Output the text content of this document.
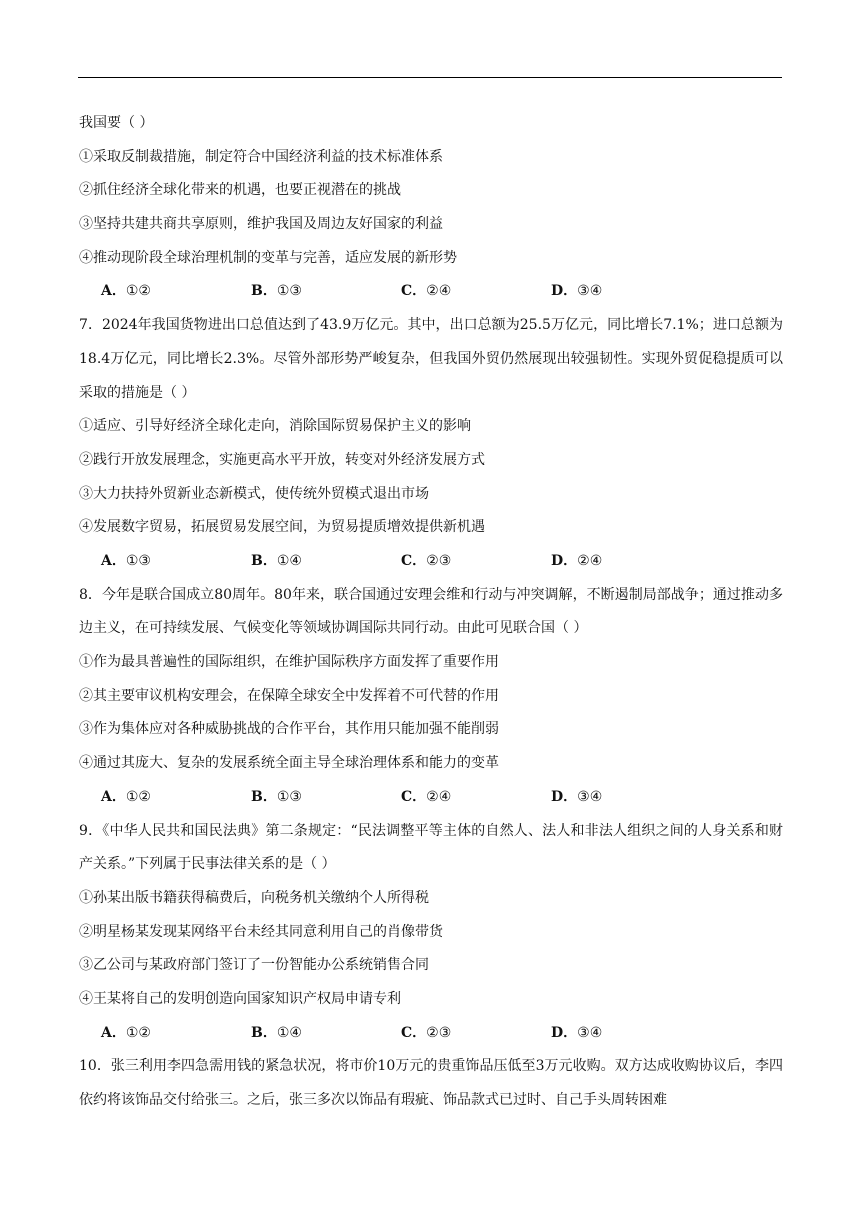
我国要（ ）
①采取反制裁措施，制定符合中国经济利益的技术标准体系
②抓住经济全球化带来的机遇，也要正视潜在的挑战
③坚持共建共商共享原则，维护我国及周边友好国家的利益
④推动现阶段全球治理机制的变革与完善，适应发展的新形势
A．①②	B．①③	C．②④	D．③④
7．2024年我国货物进出口总值达到了43.9万亿元。其中，出口总额为25.5万亿元，同比增长7.1%；进口总额为18.4万亿元，同比增长2.3%。尽管外部形势严峻复杂，但我国外贸仍然展现出较强韧性。实现外贸促稳提质可以采取的措施是（ ）
①适应、引导好经济全球化走向，消除国际贸易保护主义的影响
②践行开放发展理念，实施更高水平开放，转变对外经济发展方式
③大力扶持外贸新业态新模式，使传统外贸模式退出市场
④发展数字贸易，拓展贸易发展空间，为贸易提质增效提供新机遇
A．①③	B．①④	C．②③	D．②④
8．今年是联合国成立80周年。80年来，联合国通过安理会维和行动与冲突调解，不断遏制局部战争；通过推动多边主义，在可持续发展、气候变化等领域协调国际共同行动。由此可见联合国（ ）
①作为最具普遍性的国际组织，在维护国际秩序方面发挥了重要作用
②其主要审议机构安理会，在保障全球安全中发挥着不可代替的作用
③作为集体应对各种威胁挑战的合作平台，其作用只能加强不能削弱
④通过其庞大、复杂的发展系统全面主导全球治理体系和能力的变革
A．①②	B．①③	C．②④	D．③④
9．《中华人民共和国民法典》第二条规定：“民法调整平等主体的自然人、法人和非法人组织之间的人身关系和财产关系。”下列属于民事法律关系的是（ ）
①孙某出版书籍获得稿费后，向税务机关缴纳个人所得税
②明星杨某发现某网络平台未经其同意利用自己的肖像带货
③乙公司与某政府部门签订了一份智能办公系统销售合同
④王某将自己的发明创造向国家知识产权局申请专利
A．①②	B．①④	C．②③	D．③④
10．张三利用李四急需用钱的紧急状况，将市价10万元的贵重饰品压低至3万元收购。双方达成收购协议后，李四依约将该饰品交付给张三。之后，张三多次以饰品有瑕疵、饰品款式已过时、自己手头周转困难
